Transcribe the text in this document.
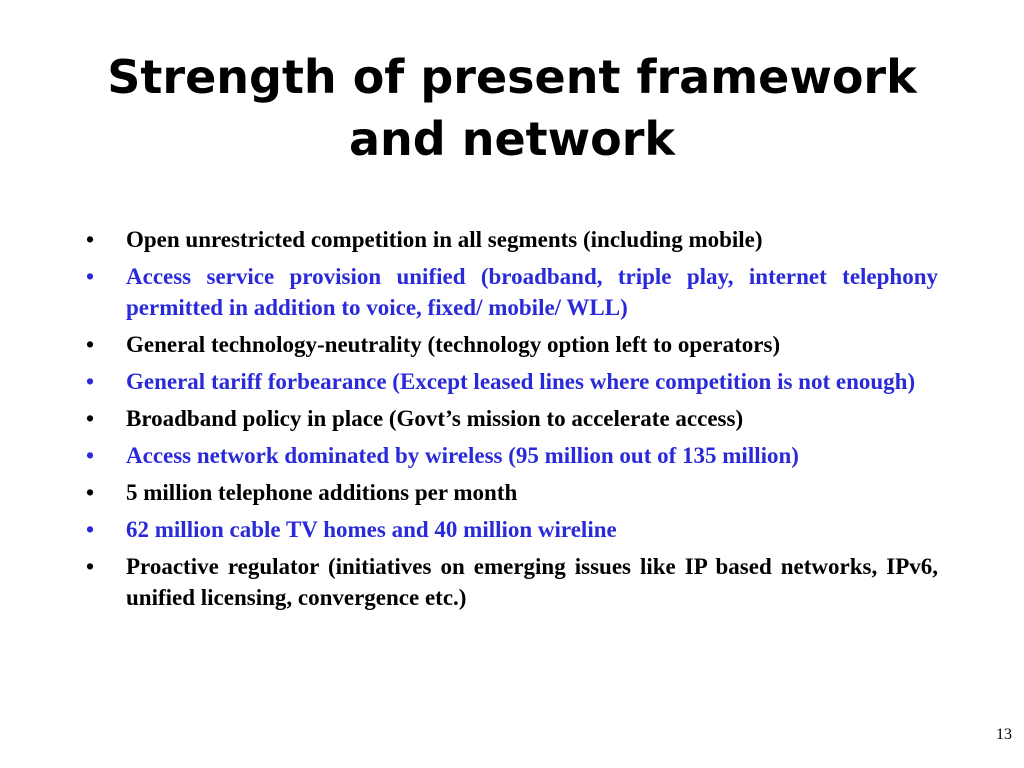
Strength of present framework and network
•	Open unrestricted competition in all segments (including mobile)
•	Access service provision unified (broadband, triple play, internet telephony permitted in addition to voice, fixed/ mobile/ WLL)
•	General technology-neutrality (technology option left to operators)
•	General tariff forbearance (Except leased lines where competition is not enough)
•	Broadband policy in place (Govt’s mission to accelerate access)
•	Access network dominated by wireless (95 million out of 135 million)
•	5 million telephone additions per month
•	62 million cable TV homes and 40 million wireline
•	Proactive regulator (initiatives on emerging issues like IP based networks, IPv6, unified licensing, convergence etc.)
13
